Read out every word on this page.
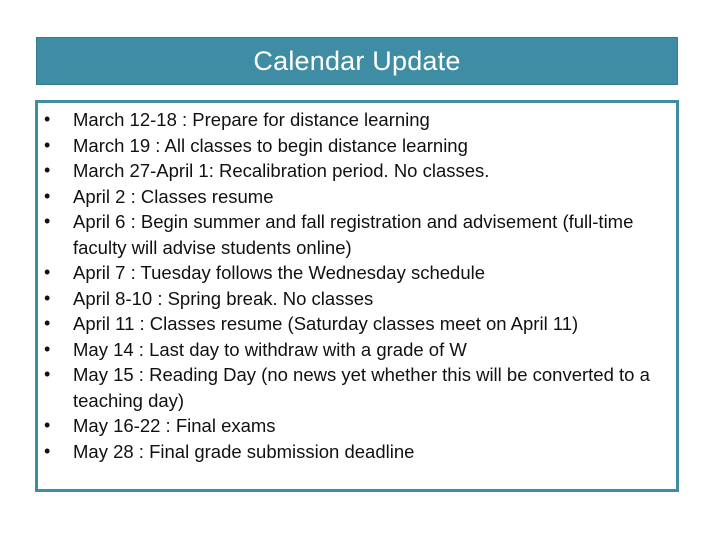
Calendar Update
• March 12-18 : Prepare for distance learning
• March 19 : All classes to begin distance learning
• March 27-April 1: Recalibration period. No classes.
• April 2 : Classes resume
• April 6 : Begin summer and fall registration and advisement (full-time faculty will advise students online)
• April 7 : Tuesday follows the Wednesday schedule
• April 8-10 : Spring break. No classes
• April 11 : Classes resume (Saturday classes meet on April 11)
• May 14 : Last day to withdraw with a grade of W
• May 15 : Reading Day (no news yet whether this will be converted to a teaching day)
• May 16-22 : Final exams
• May 28 : Final grade submission deadline
